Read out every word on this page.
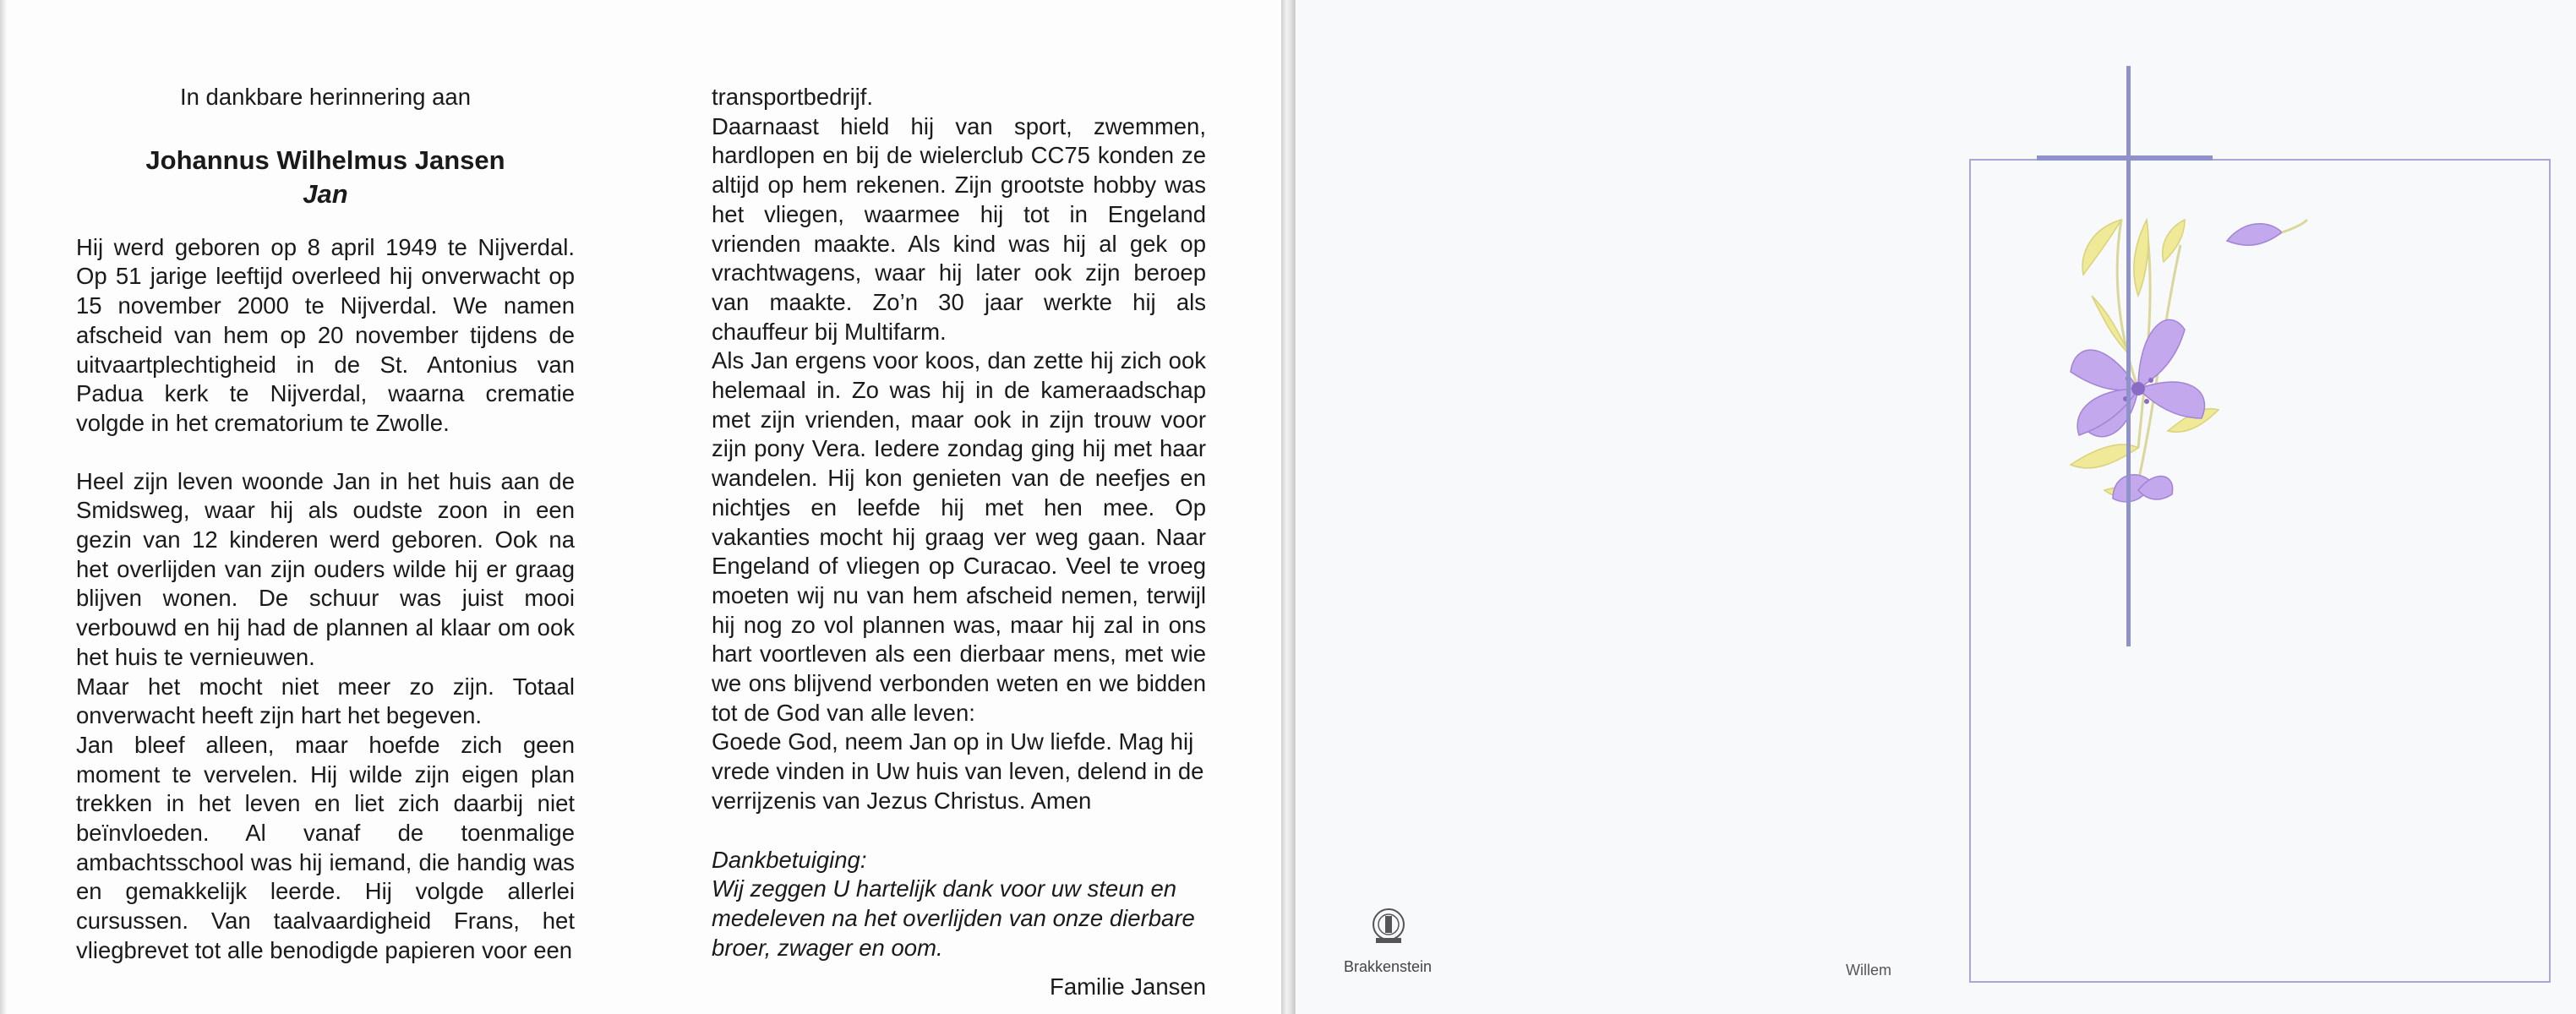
In dankbare herinnering aan

Johannus Wilhelmus Jansen

Jan

Hij werd geboren op 8 april 1949 te Nijverdal. Op 51 jarige leeftijd overleed hij onverwacht op 15 november 2000 te Nijverdal. We namen afscheid van hem op 20 november tijdens de uitvaartplechtigheid in de St. Antonius van Padua kerk te Nijverdal, waarna crematie volgde in het crematorium te Zwolle.

Heel zijn leven woonde Jan in het huis aan de Smidsweg, waar hij als oudste zoon in een gezin van 12 kinderen werd geboren. Ook na het overlijden van zijn ouders wilde hij er graag blijven wonen. De schuur was juist mooi verbouwd en hij had de plannen al klaar om ook het huis te vernieuwen.

Maar het mocht niet meer zo zijn. Totaal onverwacht heeft zijn hart het begeven.

Jan bleef alleen, maar hoefde zich geen moment te vervelen. Hij wilde zijn eigen plan trekken in het leven en liet zich daarbij niet beïnvloeden. Al vanaf de toenmalige ambachtsschool was hij iemand, die handig was en gemakkelijk leerde. Hij volgde allerlei cursussen. Van taalvaardigheid Frans, het vliegbrevet tot alle benodigde papieren voor een

transportbedrijf.

Daarnaast hield hij van sport, zwemmen, hardlopen en bij de wielerclub CC75 konden ze altijd op hem rekenen. Zijn grootste hobby was het vliegen, waarmee hij tot in Engeland vrienden maakte. Als kind was hij al gek op vrachtwagens, waar hij later ook zijn beroep van maakte. Zo’n 30 jaar werkte hij als chauffeur bij Multifarm.

Als Jan ergens voor koos, dan zette hij zich ook helemaal in. Zo was hij in de kameraadschap met zijn vrienden, maar ook in zijn trouw voor zijn pony Vera. Iedere zondag ging hij met haar wandelen. Hij kon genieten van de neefjes en nichtjes en leefde hij met hen mee. Op vakanties mocht hij graag ver weg gaan. Naar Engeland of vliegen op Curacao. Veel te vroeg moeten wij nu van hem afscheid nemen, terwijl hij nog zo vol plannen was, maar hij zal in ons hart voortleven als een dierbaar mens, met wie we ons blijvend verbonden weten en we bidden tot de God van alle leven:

Goede God, neem Jan op in Uw liefde. Mag hij vrede vinden in Uw huis van leven, delend in de verrijzenis van Jezus Christus. Amen

Dankbetuiging:

Wij zeggen U hartelijk dank voor uw steun en medeleven na het overlijden van onze dierbare broer, zwager en oom.

Familie Jansen

Brakkenstein	Willem
